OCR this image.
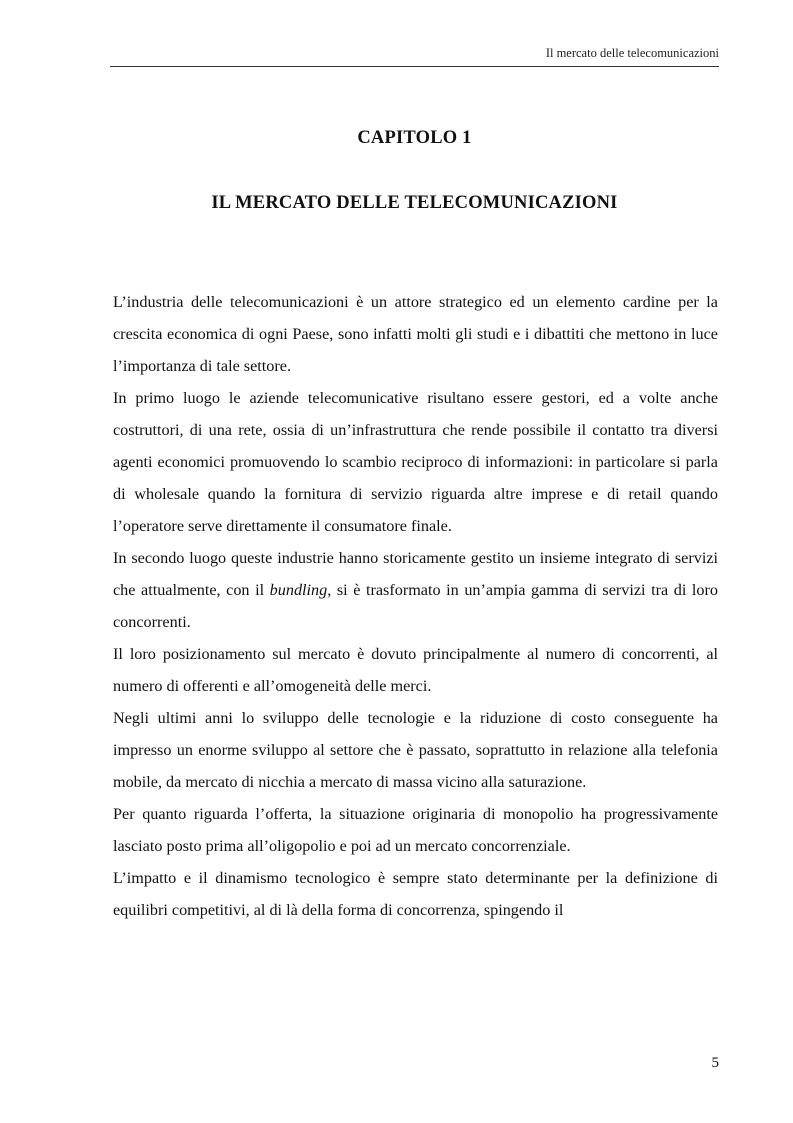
Il mercato delle telecomunicazioni
CAPITOLO 1
IL MERCATO DELLE TELECOMUNICAZIONI

L’industria delle telecomunicazioni è un attore strategico ed un elemento cardine per la crescita economica di ogni Paese, sono infatti molti gli studi e i dibattiti che mettono in luce l’importanza di tale settore.

In primo luogo le aziende telecomunicative risultano essere gestori, ed a volte anche costruttori, di una rete, ossia di un’infrastruttura che rende possibile il contatto tra diversi agenti economici promuovendo lo scambio reciproco di informazioni: in particolare si parla di wholesale quando la fornitura di servizio riguarda altre imprese e di retail quando l’operatore serve direttamente il consumatore finale.

In secondo luogo queste industrie hanno storicamente gestito un insieme integrato di servizi che attualmente, con il bundling, si è trasformato in un’ampia gamma di servizi tra di loro concorrenti.

Il loro posizionamento sul mercato è dovuto principalmente al numero di concorrenti, al numero di offerenti e all’omogeneità delle merci.

Negli ultimi anni lo sviluppo delle tecnologie e la riduzione di costo conseguente ha impresso un enorme sviluppo al settore che è passato, soprattutto in relazione alla telefonia mobile, da mercato di nicchia a mercato di massa vicino alla saturazione.

Per quanto riguarda l’offerta, la situazione originaria di monopolio ha progressivamente lasciato posto prima all’oligopolio e poi ad un mercato concorrenziale.

L’impatto e il dinamismo tecnologico è sempre stato determinante per la definizione di equilibri competitivi, al di là della forma di concorrenza, spingendo il

5
